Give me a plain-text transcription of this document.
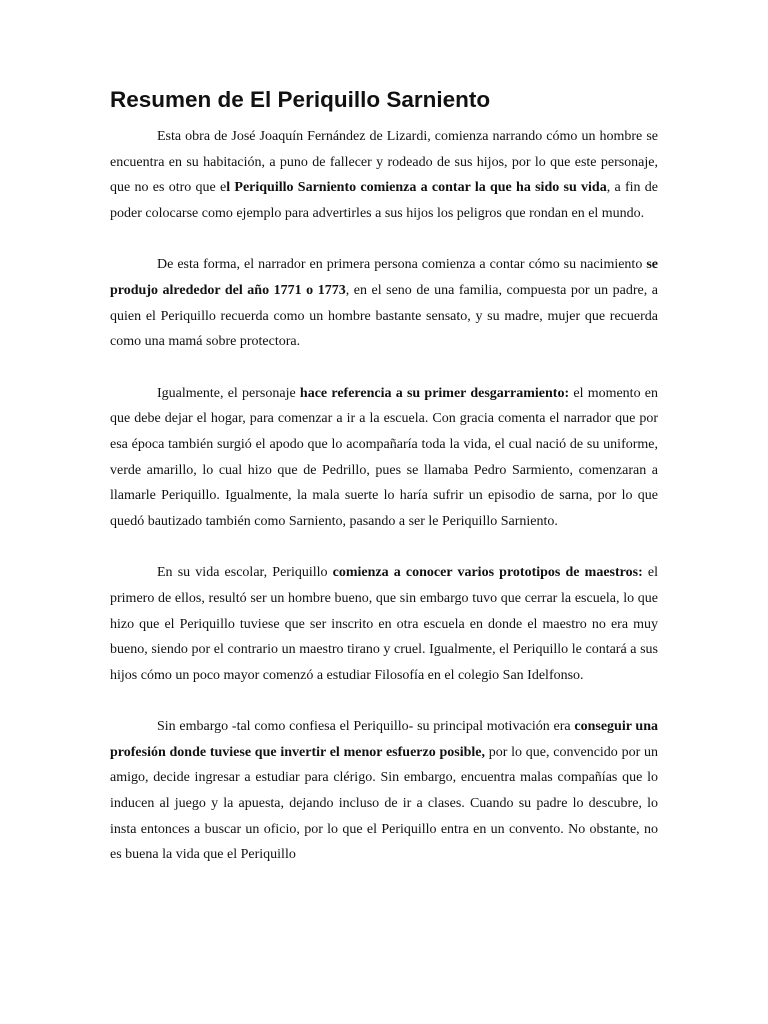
Resumen de El Periquillo Sarniento

Esta obra de José Joaquín Fernández de Lizardi, comienza narrando cómo un hombre se encuentra en su habitación, a puno de fallecer y rodeado de sus hijos, por lo que este personaje, que no es otro que el Periquillo Sarniento comienza a contar la que ha sido su vida, a fin de poder colocarse como ejemplo para advertirles a sus hijos los peligros que rondan en el mundo.

De esta forma, el narrador en primera persona comienza a contar cómo su nacimiento se produjo alrededor del año 1771 o 1773, en el seno de una familia, compuesta por un padre, a quien el Periquillo recuerda como un hombre bastante sensato, y su madre, mujer que recuerda como una mamá sobre protectora.

Igualmente, el personaje hace referencia a su primer desgarramiento: el momento en que debe dejar el hogar, para comenzar a ir a la escuela. Con gracia comenta el narrador que por esa época también surgió el apodo que lo acompañaría toda la vida, el cual nació de su uniforme, verde amarillo, lo cual hizo que de Pedrillo, pues se llamaba Pedro Sarmiento, comenzaran a llamarle Periquillo. Igualmente, la mala suerte lo haría sufrir un episodio de sarna, por lo que quedó bautizado también como Sarniento, pasando a ser le Periquillo Sarniento.

En su vida escolar, Periquillo comienza a conocer varios prototipos de maestros: el primero de ellos, resultó ser un hombre bueno, que sin embargo tuvo que cerrar la escuela, lo que hizo que el Periquillo tuviese que ser inscrito en otra escuela en donde el maestro no era muy bueno, siendo por el contrario un maestro tirano y cruel. Igualmente, el Periquillo le contará a sus hijos cómo un poco mayor comenzó a estudiar Filosofía en el colegio San Idelfonso.

Sin embargo -tal como confiesa el Periquillo- su principal motivación era conseguir una profesión donde tuviese que invertir el menor esfuerzo posible, por lo que, convencido por un amigo, decide ingresar a estudiar para clérigo. Sin embargo, encuentra malas compañías que lo inducen al juego y la apuesta, dejando incluso de ir a clases. Cuando su padre lo descubre, lo insta entonces a buscar un oficio, por lo que el Periquillo entra en un convento. No obstante, no es buena la vida que el Periquillo
